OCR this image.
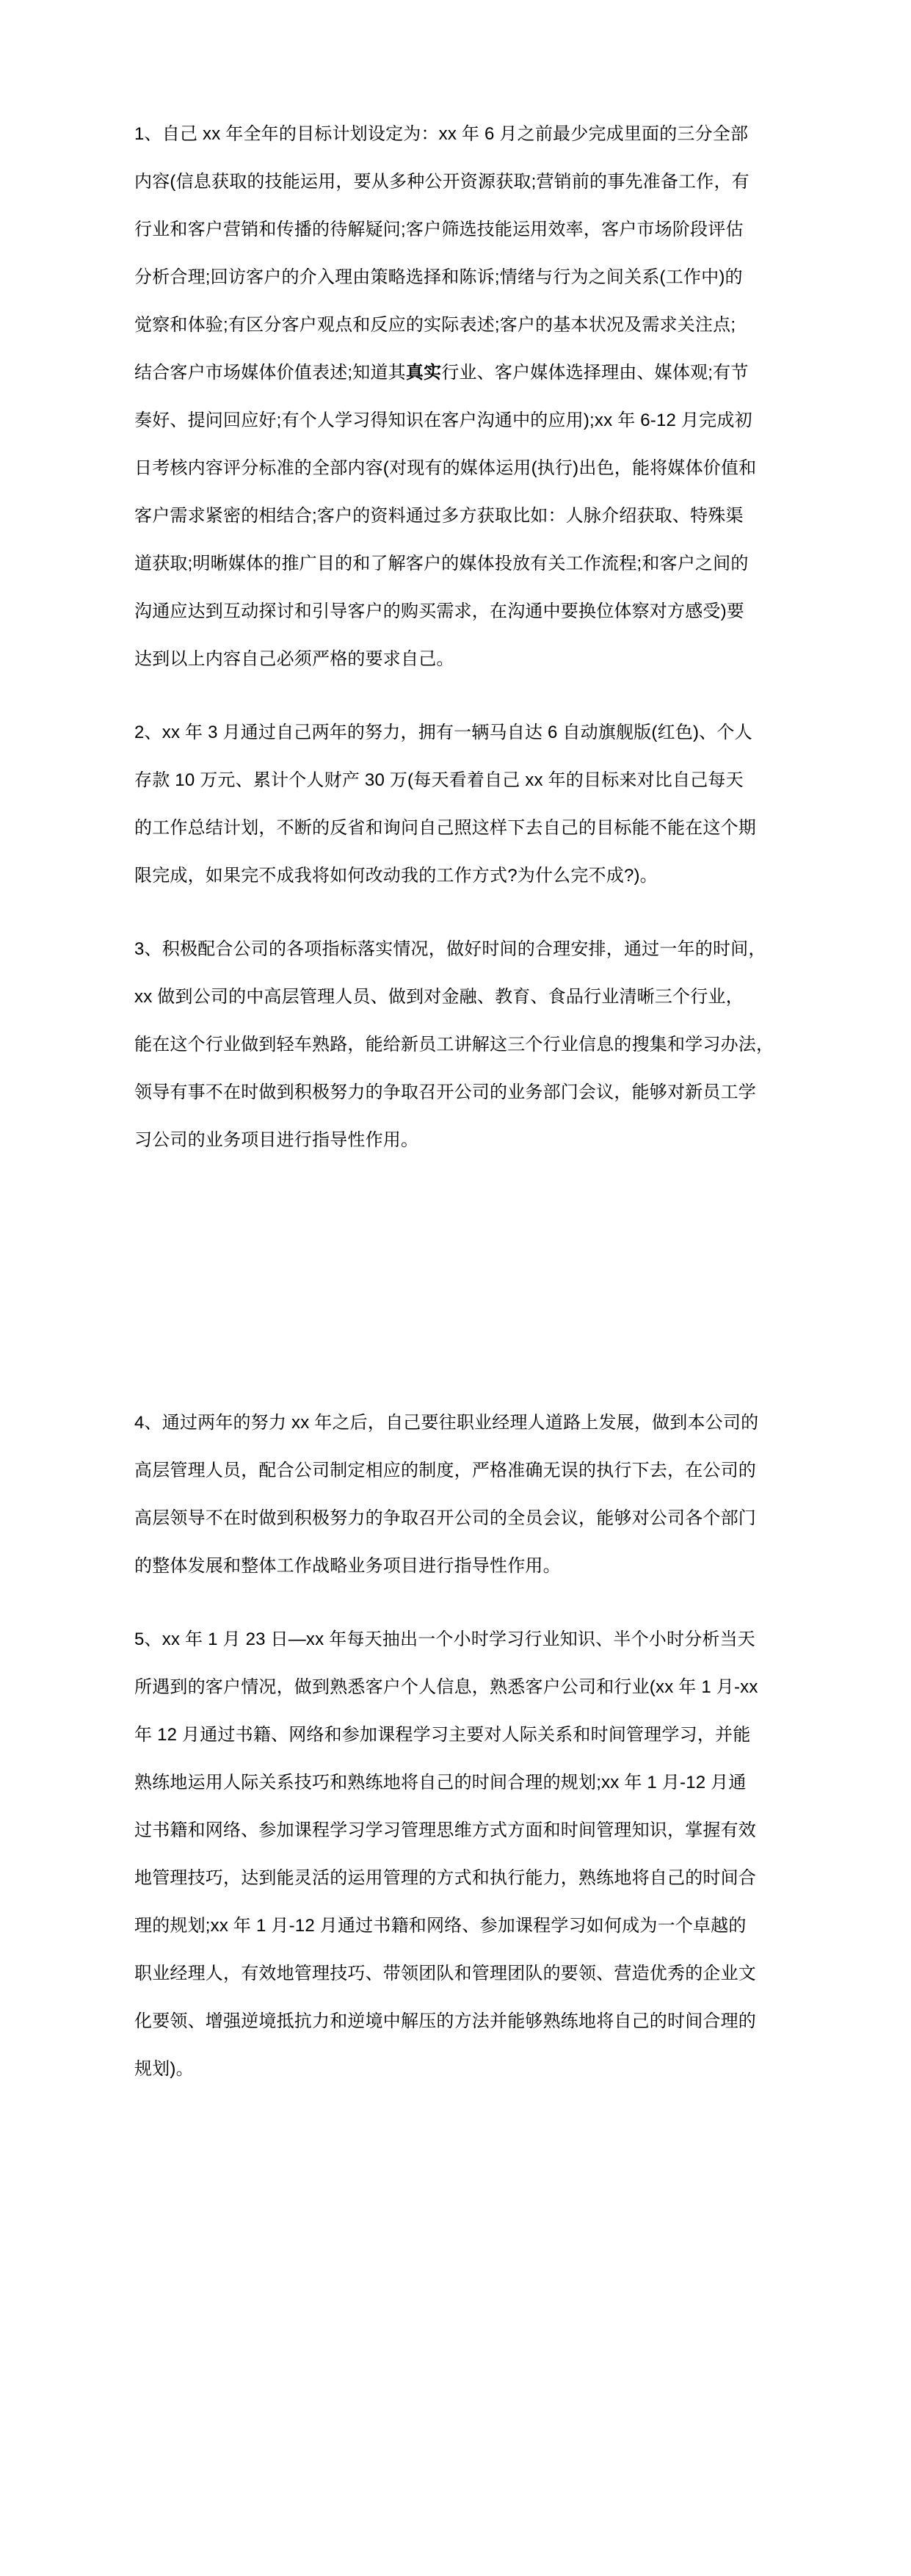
1、自己 xx 年全年的目标计划设定为：xx 年 6 月之前最少完成里面的三分全部
内容(信息获取的技能运用，要从多种公开资源获取;营销前的事先准备工作，有
行业和客户营销和传播的待解疑问;客户筛选技能运用效率，客户市场阶段评估
分析合理;回访客户的介入理由策略选择和陈诉;情绪与行为之间关系(工作中)的
觉察和体验;有区分客户观点和反应的实际表述;客户的基本状况及需求关注点;
结合客户市场媒体价值表述;知道其真实行业、客户媒体选择理由、媒体观;有节
奏好、提问回应好;有个人学习得知识在客户沟通中的应用);xx 年 6-12 月完成初
日考核内容评分标准的全部内容(对现有的媒体运用(执行)出色，能将媒体价值和
客户需求紧密的相结合;客户的资料通过多方获取比如：人脉介绍获取、特殊渠
道获取;明晰媒体的推广目的和了解客户的媒体投放有关工作流程;和客户之间的
沟通应达到互动探讨和引导客户的购买需求，在沟通中要换位体察对方感受)要
达到以上内容自己必须严格的要求自己。
2、xx 年 3 月通过自己两年的努力，拥有一辆马自达 6 自动旗舰版(红色)、个人
存款 10 万元、累计个人财产 30 万(每天看着自己 xx 年的目标来对比自己每天
的工作总结计划，不断的反省和询问自己照这样下去自己的目标能不能在这个期
限完成，如果完不成我将如何改动我的工作方式?为什么完不成?)。
3、积极配合公司的各项指标落实情况，做好时间的合理安排，通过一年的时间，
xx 做到公司的中高层管理人员、做到对金融、教育、食品行业清晰三个行业，
能在这个行业做到轻车熟路，能给新员工讲解这三个行业信息的搜集和学习办法，
领导有事不在时做到积极努力的争取召开公司的业务部门会议，能够对新员工学
习公司的业务项目进行指导性作用。
4、通过两年的努力 xx 年之后，自己要往职业经理人道路上发展，做到本公司的
高层管理人员，配合公司制定相应的制度，严格准确无误的执行下去，在公司的
高层领导不在时做到积极努力的争取召开公司的全员会议，能够对公司各个部门
的整体发展和整体工作战略业务项目进行指导性作用。
5、xx 年 1 月 23 日—xx 年每天抽出一个小时学习行业知识、半个小时分析当天
所遇到的客户情况，做到熟悉客户个人信息，熟悉客户公司和行业(xx 年 1 月-xx
年 12 月通过书籍、网络和参加课程学习主要对人际关系和时间管理学习，并能
熟练地运用人际关系技巧和熟练地将自己的时间合理的规划;xx 年 1 月-12 月通
过书籍和网络、参加课程学习学习管理思维方式方面和时间管理知识，掌握有效
地管理技巧，达到能灵活的运用管理的方式和执行能力，熟练地将自己的时间合
理的规划;xx 年 1 月-12 月通过书籍和网络、参加课程学习如何成为一个卓越的
职业经理人，有效地管理技巧、带领团队和管理团队的要领、营造优秀的企业文
化要领、增强逆境抵抗力和逆境中解压的方法并能够熟练地将自己的时间合理的
规划)。
